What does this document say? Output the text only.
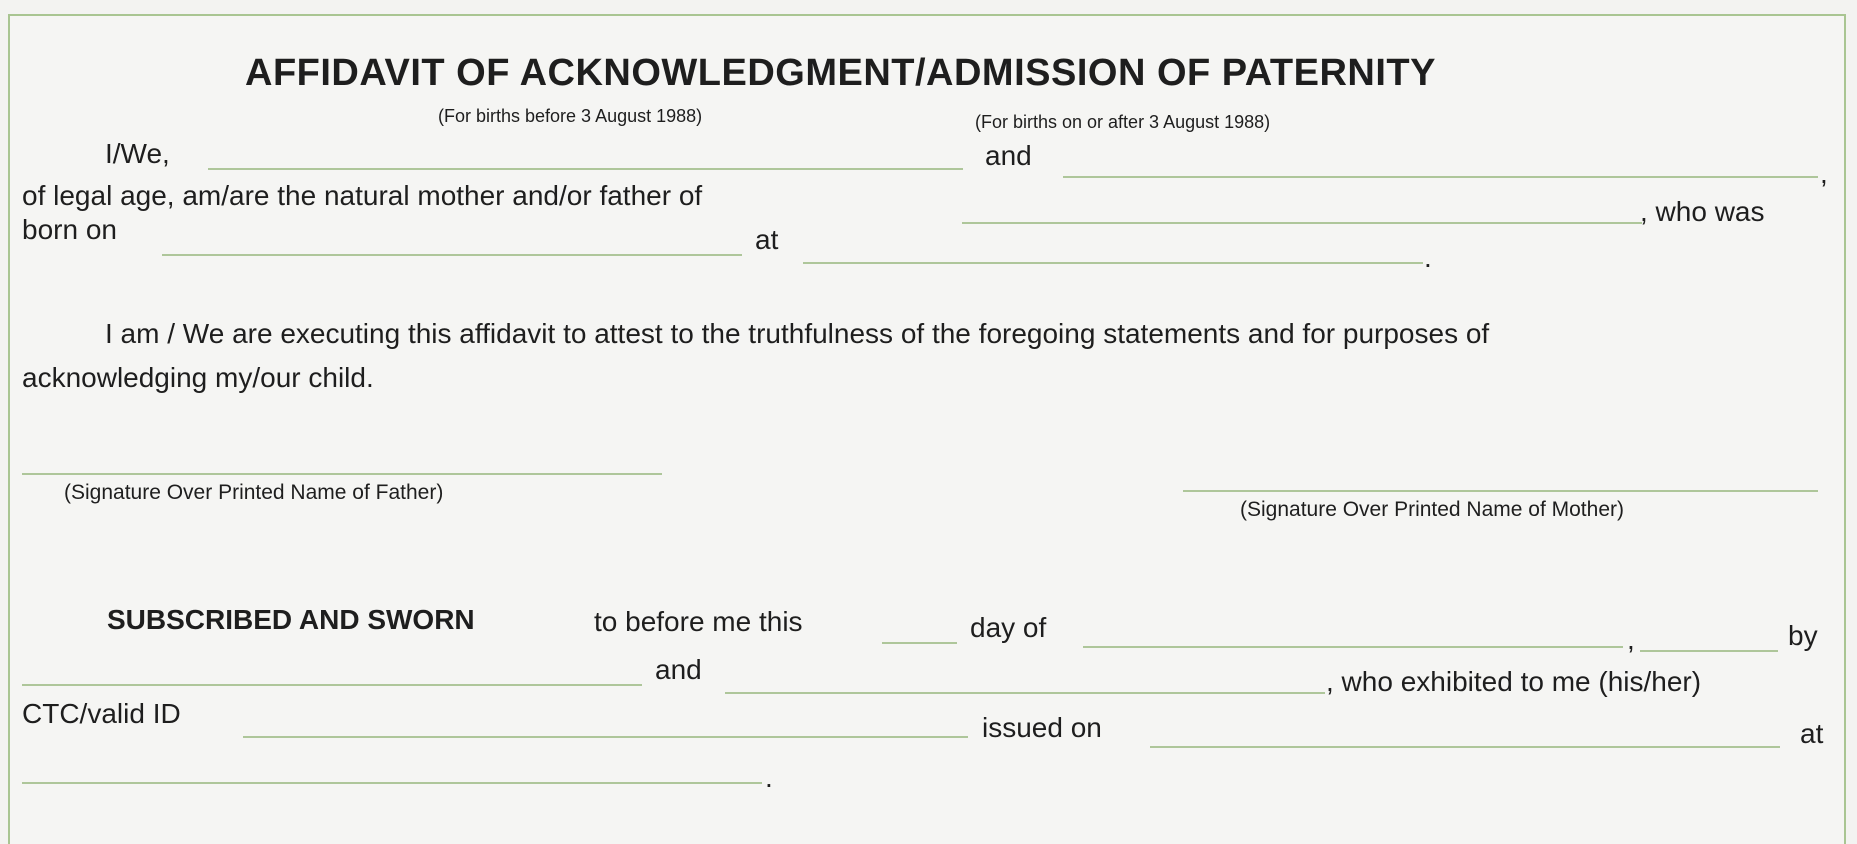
AFFIDAVIT OF ACKNOWLEDGMENT/ADMISSION OF PATERNITY
(For births before 3 August 1988)	(For births on or after 3 August 1988)
I/We,	and
,
of legal age, am/are the natural mother and/or father of
, who was
born on	at
.
I am / We are executing this affidavit to attest to the truthfulness of the foregoing statements and for purposes of
acknowledging my/our child.
(Signature Over Printed Name of Father)
(Signature Over Printed Name of Mother)
SUBSCRIBED AND SWORN	to before me this	day of	,	by
and	, who exhibited to me (his/her)
CTC/valid ID	issued on	at
.
